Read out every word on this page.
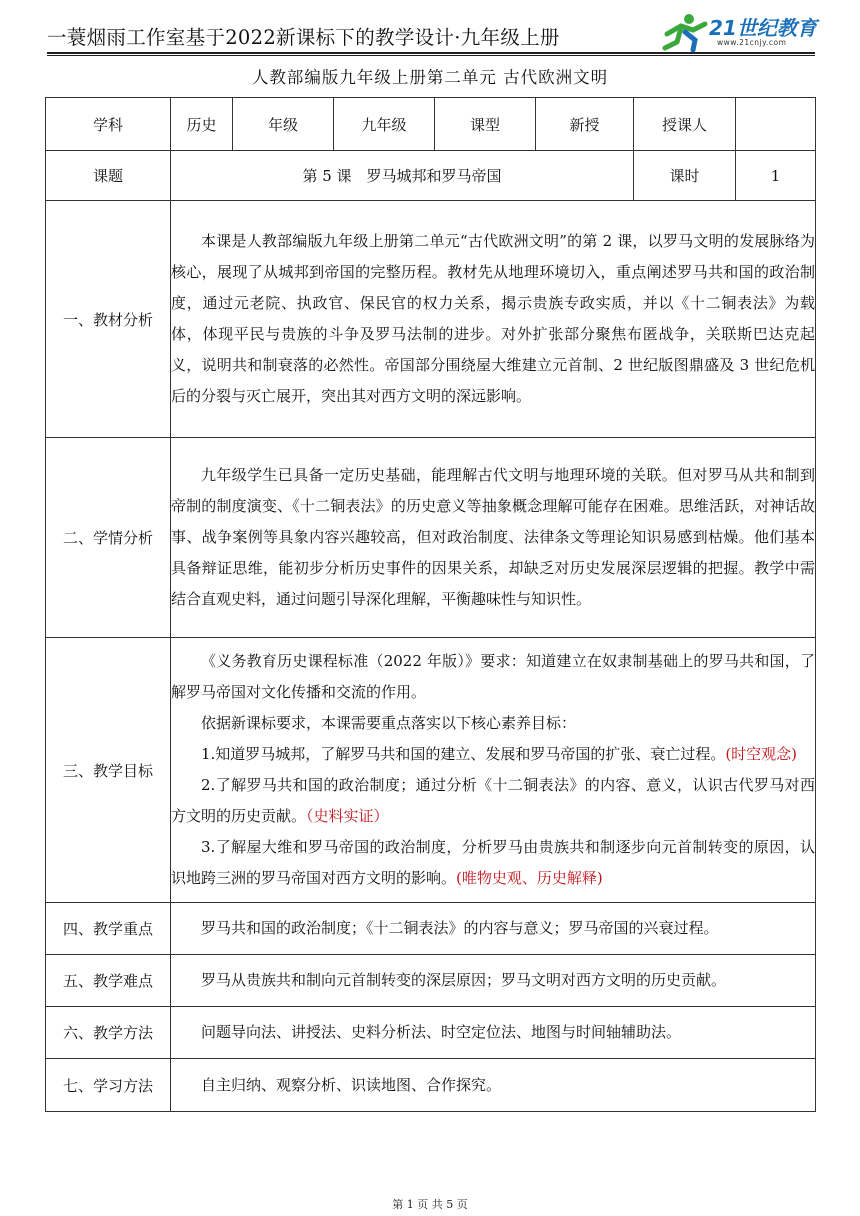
一蓑烟雨工作室基于2022新课标下的教学设计·九年级上册	21世纪教育
www.21cnjy.com
人教部编版九年级上册第二单元 古代欧洲文明
学科	历史	年级	九年级	课型	新授	授课人	
课题	第 5 课　罗马城邦和罗马帝国					课时	1
一、教材分析	本课是人教部编版九年级上册第二单元“古代欧洲文明”的第 2 课，以罗马文明的发展脉络为核心，展现了从城邦到帝国的完整历程。教材先从地理环境切入，重点阐述罗马共和国的政治制度，通过元老院、执政官、保民官的权力关系，揭示贵族专政实质，并以《十二铜表法》为载体，体现平民与贵族的斗争及罗马法制的进步。对外扩张部分聚焦布匿战争，关联斯巴达克起义，说明共和制衰落的必然性。帝国部分围绕屋大维建立元首制、2 世纪版图鼎盛及 3 世纪危机后的分裂与灭亡展开，突出其对西方文明的深远影响。						

二、学情分析	九年级学生已具备一定历史基础，能理解古代文明与地理环境的关联。但对罗马从共和制到帝制的制度演变、《十二铜表法》的历史意义等抽象概念理解可能存在困难。思维活跃，对神话故事、战争案例等具象内容兴趣较高，但对政治制度、法律条文等理论知识易感到枯燥。他们基本具备辩证思维，能初步分析历史事件的因果关系，却缺乏对历史发展深层逻辑的把握。教学中需结合直观史料，通过问题引导深化理解，平衡趣味性与知识性。						

三、教学目标	《义务教育历史课程标准（2022 年版）》要求：知道建立在奴隶制基础上的罗马共和国，了解罗马帝国对文化传播和交流的作用。

依据新课标要求，本课需要重点落实以下核心素养目标：

1.知道罗马城邦，了解罗马共和国的建立、发展和罗马帝国的扩张、衰亡过程。(时空观念)

2.了解罗马共和国的政治制度；通过分析《十二铜表法》的内容、意义，认识古代罗马对西方文明的历史贡献。（史料实证）

3.了解屋大维和罗马帝国的政治制度，分析罗马由贵族共和制逐步向元首制转变的原因，认识地跨三洲的罗马帝国对西方文明的影响。(唯物史观、历史解释)						

四、教学重点	罗马共和国的政治制度；《十二铜表法》的内容与意义；罗马帝国的兴衰过程。						

五、教学难点	罗马从贵族共和制向元首制转变的深层原因；罗马文明对西方文明的历史贡献。						

六、教学方法	问题导向法、讲授法、史料分析法、时空定位法、地图与时间轴辅助法。						

七、学习方法	自主归纳、观察分析、识读地图、合作探究。						

第 1 页 共 5 页
